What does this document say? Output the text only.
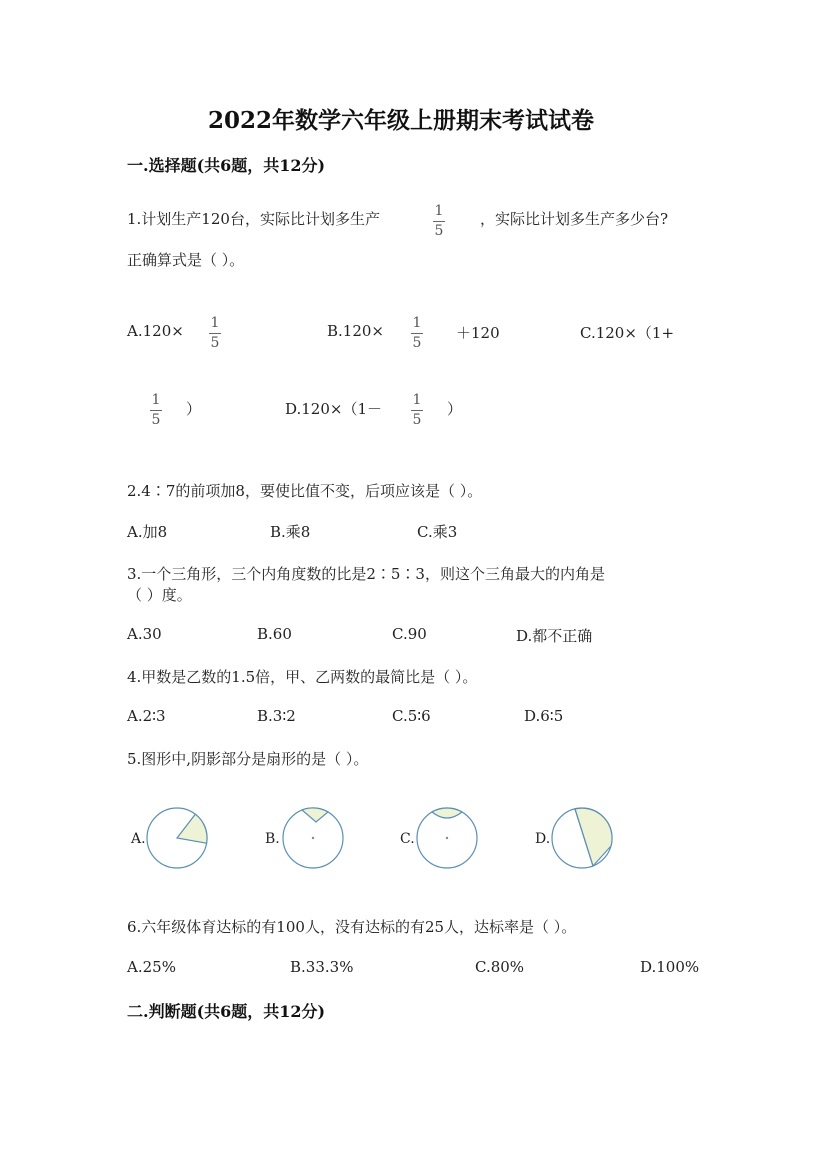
2022年数学六年级上册期末考试试卷
一.选择题(共6题，共12分)
1.计划生产120台，实际比计划多生产	1
5
，实际比计划多生产多少台?
正确算式是（ ）。
A.120× 1
5
B.120× 1
5
＋120	C.120×（1+
1
5
）	D.120×（1－ 1
5
）
2.4∶7的前项加8，要使比值不变，后项应该是（ ）。
A.加8	B.乘8	C.乘3
3.一个三角形，三个内角度数的比是2∶5∶3，则这个三角最大的内角是
（ ）度。
A.30	B.60	C.90	D.都不正确
4.甲数是乙数的1.5倍，甲、乙两数的最简比是（ ）。
A.2∶3	B.3∶2	C.5∶6	D.6∶5
5.图形中,阴影部分是扇形的是（ ）。
A.	B.	C.	D.
6.六年级体育达标的有100人，没有达标的有25人，达标率是（ ）。
A.25%	B.33.3%	C.80%	D.100%
二.判断题(共6题，共12分)
